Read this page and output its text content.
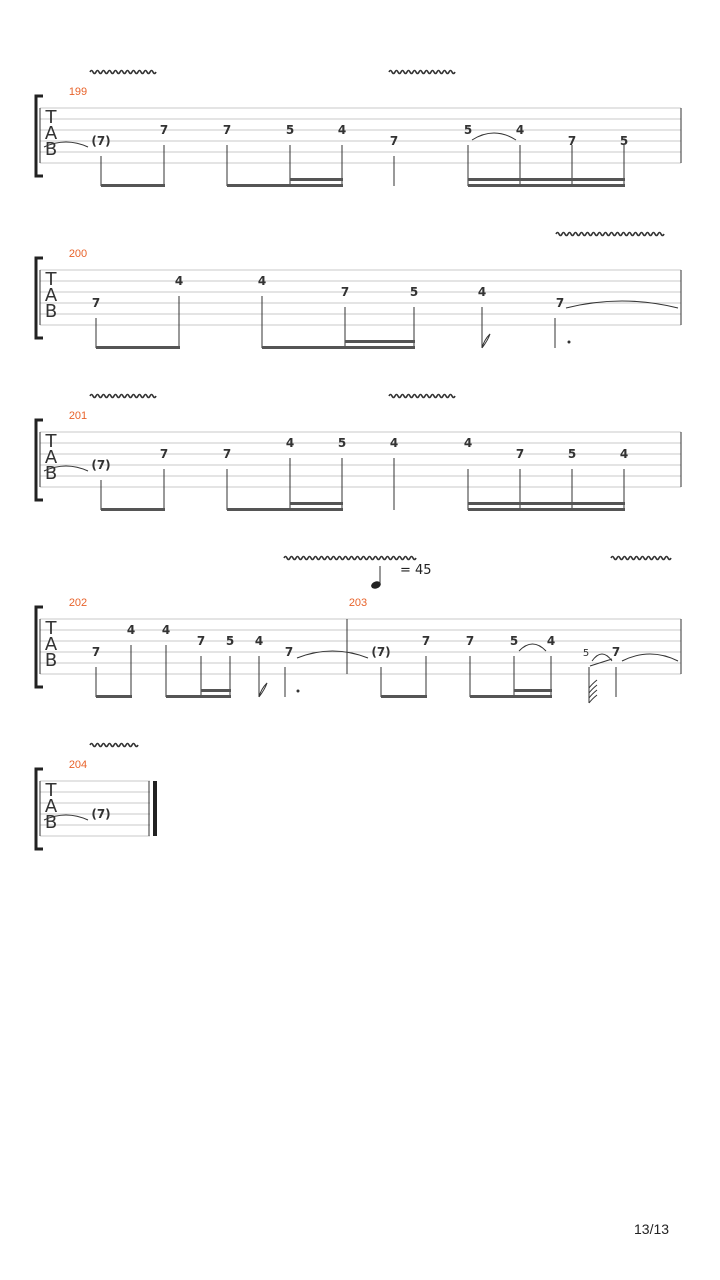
T
A
B
199
(7)
7	7	5	4
7
5	4
7	5
T
A
B
200
7
4	4
7	5	4
7
T
A
B
201
(7)
7	7
4	5	4	4
7	5	4
T
A
B
202	203
= 45
7
4 4
7 5 4
7	(7)
7	7	5 4
5 7
T
A
B
204
(7)
13/13
